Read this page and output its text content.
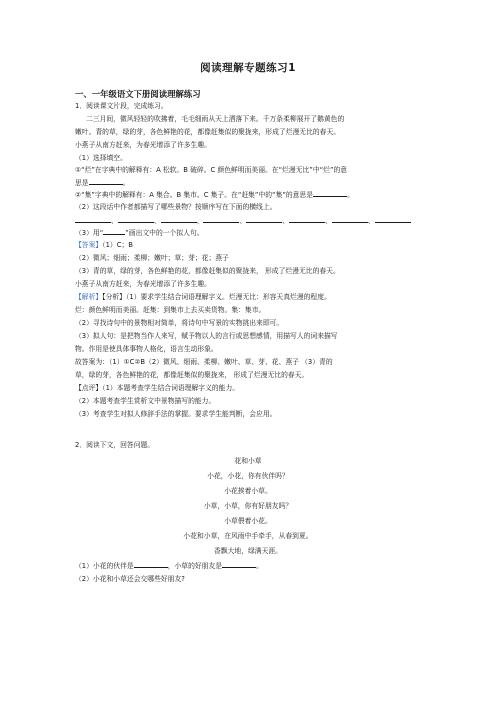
阅读理解专题练习1
一、一年级语文下册阅读理解练习
1．阅读课文片段，完成练习。
二三月间，微风轻轻的吹拂着，毛毛细雨从天上洒落下来。千万条柔柳展开了鹅黄色的
嫩叶。青的草，绿的芽，各色鲜艳的花，都像赶集似的聚拢来，形成了烂漫无比的春天。
小燕子从南方赶来，为春光增添了许多生趣。
（1）选择填空。
①“烂”在字典中的解释有：A 松软。B 破碎。C 颜色鲜明而美丽。在“烂漫无比”中“烂”的意
思是	。
②“集”字典中的解释有：A 集合。B 集市。C 集子。在“赶集”中的“集”的意思是	。
（2）这段话中作者都描写了哪些景物？按顺序写在下面的横线上。
、	、	、	、	、	、	、
（3）用“	”画出文中的一个拟人句。
【答案】（1）C；B
（2）微风；细雨；柔柳；嫩叶；草；芽；花；燕子
（3）青的草，绿的芽，各色鲜艳的花，都像赶集似的聚拢来， 形成了烂漫无比的春天。
小燕子从南方赶来，为春光增添了许多生趣。
【解析】【分析】（1）要求学生结合词语理解字义。烂漫无比：形容天真烂漫的程度。
烂：颜色鲜明而美丽。赶集：到集市上去买卖货物。集：集市。
（2）寻找诗句中的景物相对简单，将诗句中写景的实物挑出来即可。
（3）拟人句：是把物当作人来写，赋予物以人的言行或思想感情，用描写人的词来描写
物。作用是使具体事物人格化，语言生动形象。
故答案为：（1）①C②B（2）微风、细雨、柔柳、嫩叶、草、芽、花、燕子 （3）青的
草，绿的芽，各色鲜艳的花，都像赶集似的聚拢来， 形成了烂漫无比的春天。
【点评】（1）本题考查学生结合词语理解字义的能力。
（2）本题考查学生赏析文中景物描写的能力。
（3）考查学生对拟人修辞手法的掌握。要求学生能判断，会应用。
2．阅读下文，回答问题。
花和小草
小花，小花，你有伙伴吗？
小花挨着小草。
小草，小草，你有好朋友吗？
小草偎着小花。
小花和小草，在风雨中手牵手，从春到夏。
香飘大地，绿满天涯。
（1）小花的伙伴是	，小草的好朋友是	。
（2）小花和小草还会交哪些好朋友?
